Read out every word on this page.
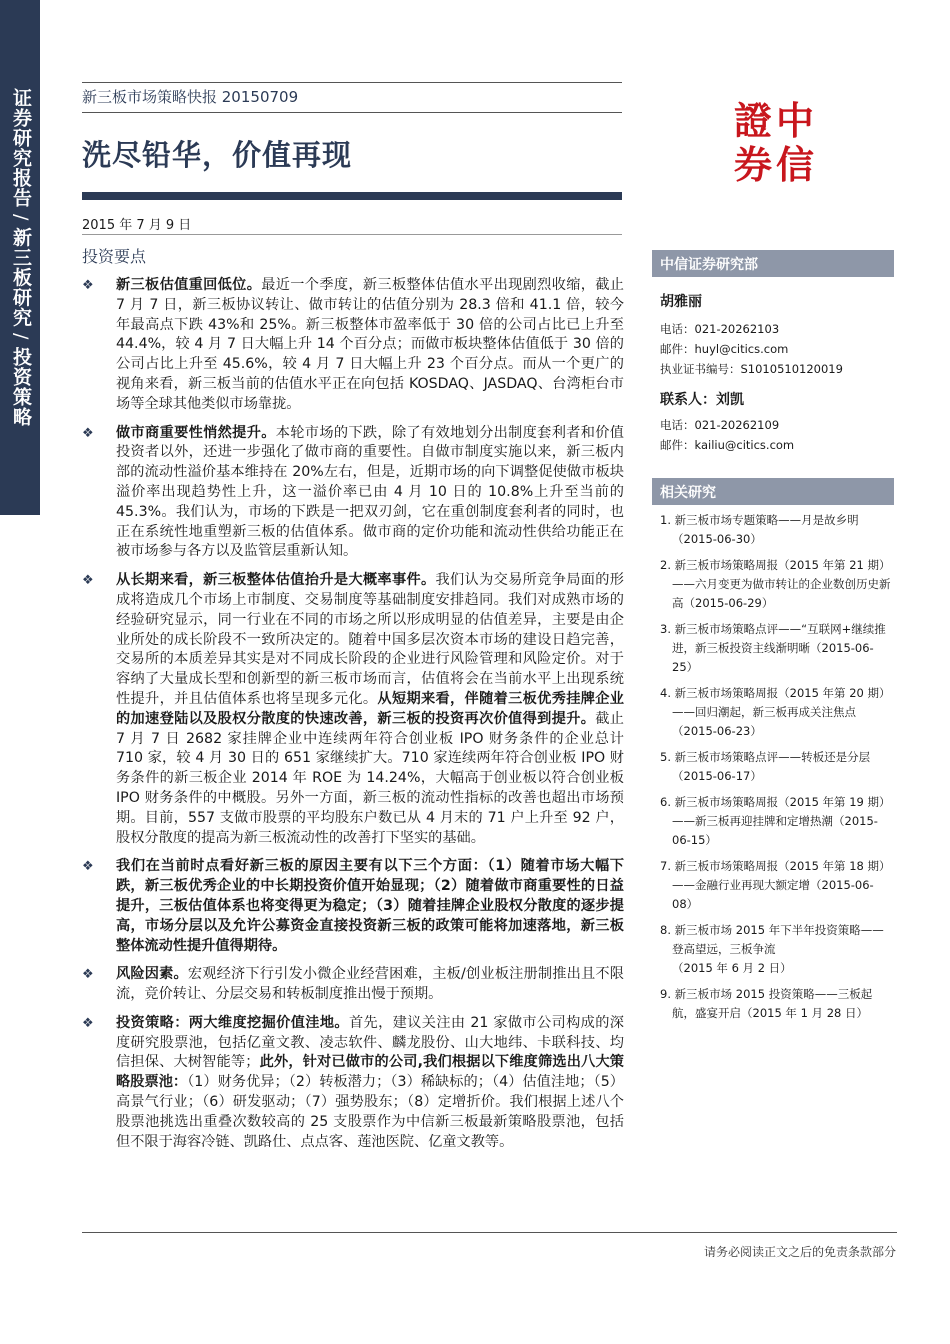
证券研究报告/新三板研究/投资策略
新三板市场策略快报 20150709
洗尽铅华，价值再现
2015 年 7 月 9 日
投资要点
證 中
券 信
❖ 新三板估值重回低位。最近一个季度，新三板整体估值水平出现剧烈收缩，截止 7 月 7 日，新三板协议转让、做市转让的估值分别为 28.3 倍和 41.1 倍，较今年最高点下跌 43%和 25%。新三板整体市盈率低于 30 倍的公司占比已上升至 44.4%，较 4 月 7 日大幅上升 14 个百分点；而做市板块整体估值低于 30 倍的公司占比上升至 45.6%，较 4 月 7 日大幅上升 23 个百分点。而从一个更广的视角来看，新三板当前的估值水平正在向包括 KOSDAQ、JASDAQ、台湾柜台市场等全球其他类似市场靠拢。
❖ 做市商重要性悄然提升。本轮市场的下跌，除了有效地划分出制度套利者和价值投资者以外，还进一步强化了做市商的重要性。自做市制度实施以来，新三板内部的流动性溢价基本维持在 20%左右，但是，近期市场的向下调整促使做市板块溢价率出现趋势性上升，这一溢价率已由 4 月 10 日的 10.8%上升至当前的 45.3%。我们认为，市场的下跌是一把双刃剑，它在重创制度套利者的同时，也正在系统性地重塑新三板的估值体系。做市商的定价功能和流动性供给功能正在被市场参与各方以及监管层重新认知。
❖ 从长期来看，新三板整体估值抬升是大概率事件。我们认为交易所竞争局面的形成将造成几个市场上市制度、交易制度等基础制度安排趋同。我们对成熟市场的经验研究显示，同一行业在不同的市场之所以形成明显的估值差异，主要是由企业所处的成长阶段不一致所决定的。随着中国多层次资本市场的建设日趋完善，交易所的本质差异其实是对不同成长阶段的企业进行风险管理和风险定价。对于容纳了大量成长型和创新型的新三板市场而言，估值将会在当前水平上出现系统性提升，并且估值体系也将呈现多元化。从短期来看，伴随着三板优秀挂牌企业的加速登陆以及股权分散度的快速改善，新三板的投资再次价值得到提升。截止 7 月 7 日 2682 家挂牌企业中连续两年符合创业板 IPO 财务条件的企业总计 710 家，较 4 月 30 日的 651 家继续扩大。710 家连续两年符合创业板 IPO 财务条件的新三板企业 2014 年 ROE 为 14.24%，大幅高于创业板以符合创业板 IPO 财务条件的中概股。另外一方面，新三板的流动性指标的改善也超出市场预期。目前，557 支做市股票的平均股东户数已从 4 月末的 71 户上升至 92 户，股权分散度的提高为新三板流动性的改善打下坚实的基础。
❖ 我们在当前时点看好新三板的原因主要有以下三个方面：（1）随着市场大幅下跌，新三板优秀企业的中长期投资价值开始显现；（2）随着做市商重要性的日益提升，三板估值体系也将变得更为稳定；（3）随着挂牌企业股权分散度的逐步提高，市场分层以及允许公募资金直接投资新三板的政策可能将加速落地，新三板整体流动性提升值得期待。
❖ 风险因素。宏观经济下行引发小微企业经营困难，主板/创业板注册制推出且不限流，竞价转让、分层交易和转板制度推出慢于预期。
❖ 投资策略：两大维度挖掘价值洼地。首先，建议关注由 21 家做市公司构成的深度研究股票池，包括亿童文教、凌志软件、麟龙股份、山大地纬、卡联科技、均信担保、大树智能等；此外，针对已做市的公司,我们根据以下维度筛选出八大策略股票池：（1）财务优异；（2）转板潜力；（3）稀缺标的；（4）估值洼地；（5）高景气行业；（6）研发驱动；（7）强势股东；（8）定增折价。我们根据上述八个股票池挑选出重叠次数较高的 25 支股票作为中信新三板最新策略股票池，包括但不限于海容冷链、凯路仕、点点客、莲池医院、亿童文教等。
中信证券研究部
胡雅丽
电话：021-20262103
邮件：huyl@citics.com
执业证书编号：S1010510120019
联系人：刘凯
电话：021-20262109
邮件：kailiu@citics.com
相关研究
1. 新三板市场专题策略——月是故乡明（2015-06-30）
2. 新三板市场策略周报（2015 年第 21 期）——六月变更为做市转让的企业数创历史新高（2015-06-29）
3. 新三板市场策略点评——“互联网+继续推进，新三板投资主线渐明晰（2015-06-25）
4. 新三板市场策略周报（2015 年第 20 期）——回归潮起，新三板再成关注焦点（2015-06-23）
5. 新三板市场策略点评——转板还是分层（2015-06-17）
6. 新三板市场策略周报（2015 年第 19 期）——新三板再迎挂牌和定增热潮（2015-06-15）
7. 新三板市场策略周报（2015 年第 18 期）——金融行业再现大额定增（2015-06-08）
8. 新三板市场 2015 年下半年投资策略——登高望远，三板争流（2015 年 6 月 2 日）
9. 新三板市场 2015 投资策略——三板起航，盛宴开启（2015 年 1 月 28 日）
请务必阅读正文之后的免责条款部分
